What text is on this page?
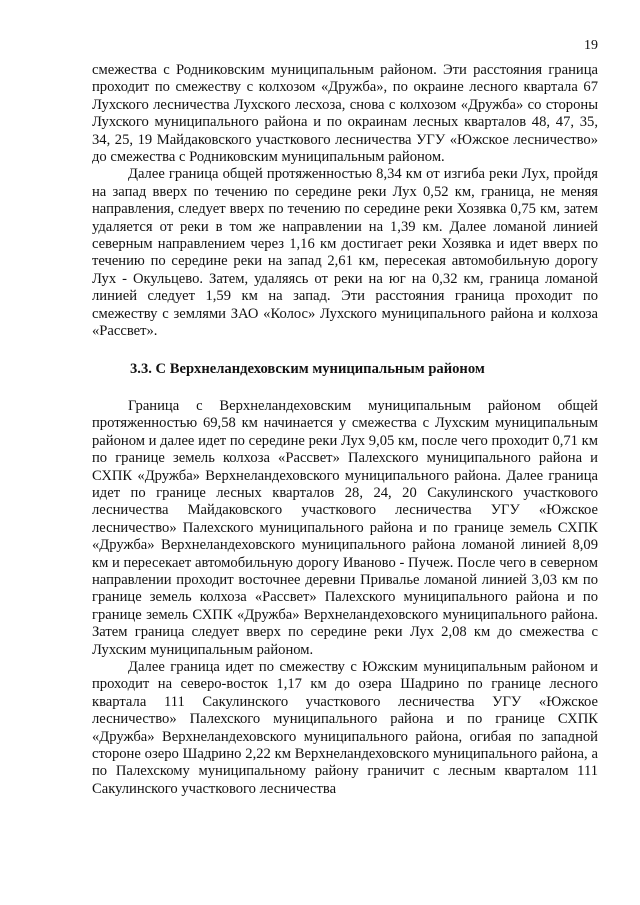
19

смежества с Родниковским муниципальным районом. Эти расстояния граница проходит по смежеству с колхозом «Дружба», по окраине лесного квартала 67 Лухского лесничества Лухского лесхоза, снова с колхозом «Дружба» со стороны Лухского муниципального района и по окраинам лесных кварталов 48, 47, 35, 34, 25, 19 Майдаковского участкового лесничества УГУ «Южское лесничество» до смежества с Родниковским муниципальным районом.

Далее граница общей протяженностью 8,34 км от изгиба реки Лух, пройдя на запад вверх по течению по середине реки Лух 0,52 км, граница, не меняя направления, следует вверх по течению по середине реки Хозявка 0,75 км, затем удаляется от реки в том же направлении на 1,39 км. Далее ломаной линией северным направлением через 1,16 км достигает реки Хозявка и идет вверх по течению по середине реки на запад 2,61 км, пересекая автомобильную дорогу Лух - Окульцево. Затем, удаляясь от реки на юг на 0,32 км, граница ломаной линией следует 1,59 км на запад. Эти расстояния граница проходит по смежеству с землями ЗАО «Колос» Лухского муниципального района и колхоза «Рассвет».

3.3. С Верхнеландеховским муниципальным районом

Граница с Верхнеландеховским муниципальным районом общей протяженностью 69,58 км начинается у смежества с Лухским муниципальным районом и далее идет по середине реки Лух 9,05 км, после чего проходит 0,71 км по границе земель колхоза «Рассвет» Палехского муниципального района и СХПК «Дружба» Верхнеландеховского муниципального района. Далее граница идет по границе лесных кварталов 28, 24, 20 Сакулинского участкового лесничества Майдаковского участкового лесничества УГУ «Южское лесничество» Палехского муниципального района и по границе земель СХПК «Дружба» Верхнеландеховского муниципального района ломаной линией 8,09 км и пересекает автомобильную дорогу Иваново - Пучеж. После чего в северном направлении проходит восточнее деревни Привалье ломаной линией 3,03 км по границе земель колхоза «Рассвет» Палехского муниципального района и по границе земель СХПК «Дружба» Верхнеландеховского муниципального района. Затем граница следует вверх по середине реки Лух 2,08 км до смежества с Лухским муниципальным районом.

Далее граница идет по смежеству с Южским муниципальным районом и проходит на северо-восток 1,17 км до озера Шадрино по границе лесного квартала 111 Сакулинского участкового лесничества УГУ «Южское лесничество» Палехского муниципального района и по границе СХПК «Дружба» Верхнеландеховского муниципального района, огибая по западной стороне озеро Шадрино 2,22 км Верхнеландеховского муниципального района, а по Палехскому муниципальному району граничит с лесным кварталом 111 Сакулинского участкового лесничества
